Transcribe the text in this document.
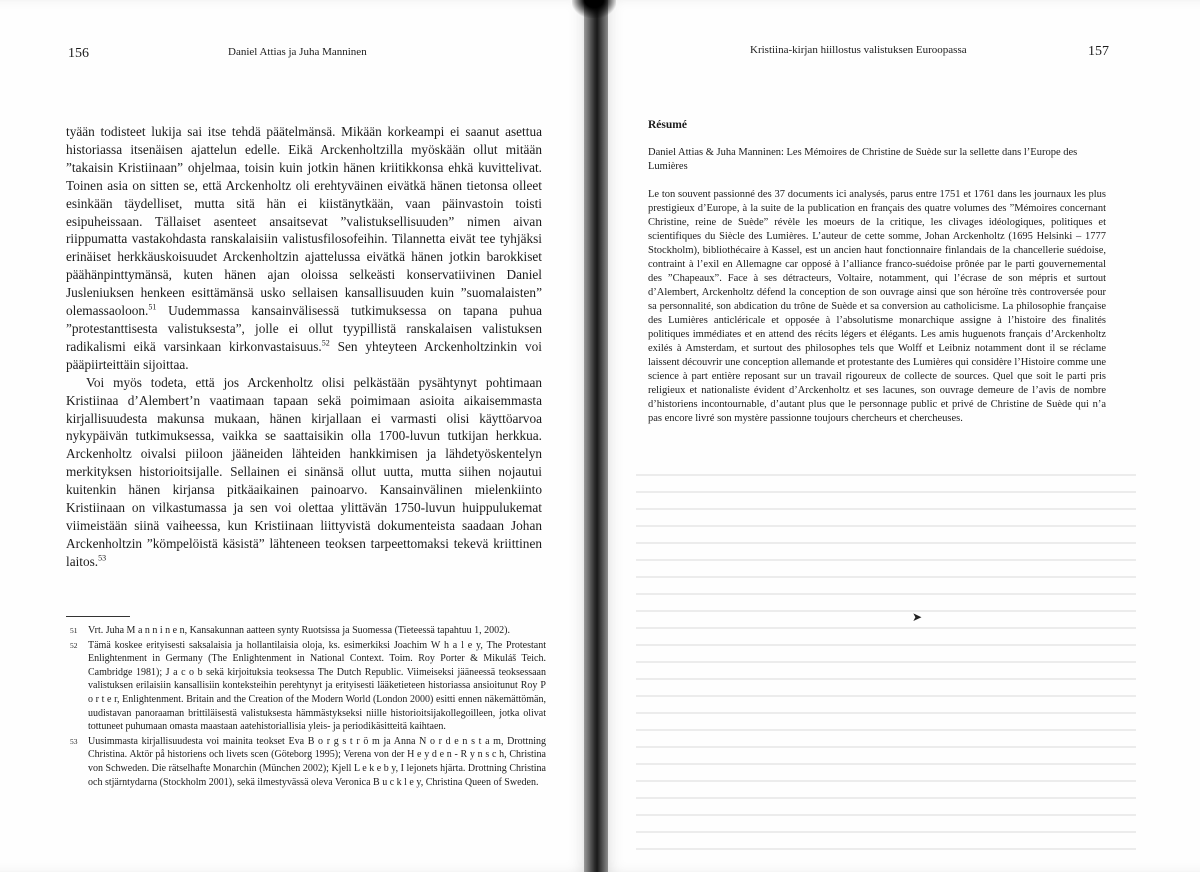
156	Daniel Attias ja Juha Manninen

tyään todisteet lukija sai itse tehdä päätelmänsä. Mikään korkeampi ei saanut asettua historiassa itsenäisen ajattelun edelle. Eikä Arckenholtzilla myöskään ollut mitään ”takaisin Kristiinaan” ohjelmaa, toisin kuin jotkin hänen kriitikkonsa ehkä kuvittelivat. Toinen asia on sitten se, että Arckenholtz oli erehtyväinen eivätkä hänen tietonsa olleet esinkään täydelliset, mutta sitä hän ei kiistänytkään, vaan päinvastoin toisti esipuheissaan. Tällaiset asenteet ansaitsevat ”valistuksellisuuden” nimen aivan riippumatta vastakohdasta ranskalaisiin valistusfilosofeihin. Tilannetta eivät tee tyhjäksi erinäiset herkkäuskoisuudet Arckenholtzin ajattelussa eivätkä hänen jotkin barokkiset päähänpinttymänsä, kuten hänen ajan oloissa selkeästi konservatiivinen Daniel Jusleniuksen henkeen esittämänsä usko sellaisen kansallisuuden kuin ”suomalaisten” olemassaoloon.$^{51}$ Uudemmassa kansainvälisessä tutkimuksessa on tapana puhua ”protestanttisesta valistuksesta”, jolle ei ollut tyypillistä ranskalaisen valistuksen radikalismi eikä varsinkaan kirkonvastaisuus.$^{52}$ Sen yhteyteen Arckenholtzinkin voi pääpiirteittäin sijoittaa.

Voi myös todeta, että jos Arckenholtz olisi pelkästään pysähtynyt pohtimaan Kristiinaa d’Alembert’n vaatimaan tapaan sekä poimimaan asioita aikaisemmasta kirjallisuudesta makunsa mukaan, hänen kirjallaan ei varmasti olisi käyttöarvoa nykypäivän tutkimuksessa, vaikka se saattaisikin olla 1700-luvun tutkijan herkkua. Arckenholtz oivalsi piiloon jääneiden lähteiden hankkimisen ja lähdetyöskentelyn merkityksen historioitsijalle. Sellainen ei sinänsä ollut uutta, mutta siihen nojautui kuitenkin hänen kirjansa pitkäaikainen painoarvo. Kansainvälinen mielenkiinto Kristiinaan on vilkastumassa ja sen voi olettaa ylittävän 1750-luvun huippulukemat viimeistään siinä vaiheessa, kun Kristiinaan liittyvistä dokumenteista saadaan Johan Arckenholtzin ”kömpelöistä käsistä” lähteneen teoksen tarpeettomaksi tekevä kriittinen laitos.$^{53}$

51 Vrt. Juha M a n n i n e n, Kansakunnan aatteen synty Ruotsissa ja Suomessa (Tieteessä tapahtuu 1, 2002).
52 Tämä koskee erityisesti saksalaisia ja hollantilaisia oloja, ks. esimerkiksi Joachim W h a l e y, The Protestant Enlightenment in Germany (The Enlightenment in National Context. Toim. Roy Porter & Mikuláš Teich. Cambridge 1981); J a c o b sekä kirjoituksia teoksessa The Dutch Republic. Viimeiseksi jääneessä teoksessaan valistuksen erilaisiin kansallisiin konteksteihin perehtynyt ja erityisesti lääketieteen historiassa ansioitunut Roy P o r t e r, Enlightenment. Britain and the Creation of the Modern World (London 2000) esitti ennen näkemättömän, uudistavan panoraaman brittiläisestä valistuksesta hämmästykseksi niille historioitsijakollegoilleen, jotka olivat tottuneet puhumaan omasta maastaan aatehistoriallisia yleis- ja periodikäsitteitä kaihtaen.
53 Uusimmasta kirjallisuudesta voi mainita teokset Eva B o r g s t r ö m ja Anna N o r d e n s t a m, Drottning Christina. Aktör på historiens och livets scen (Göteborg 1995); Verena von der H e y d e n - R y n s c h, Christina von Schweden. Die rätselhafte Monarchin (München 2002); Kjell L e k e b y, I lejonets hjärta. Drottning Christina och stjärntydarna (Stockholm 2001), sekä ilmestyvässä oleva Veronica B u c k l e y, Christina Queen of Sweden.
Kristiina-kirjan hiillostus valistuksen Euroopassa	157
Résumé
Daniel Attias & Juha Manninen: Les Mémoires de Christine de Suède sur la sellette dans l’Europe des Lumières
Le ton souvent passionné des 37 documents ici analysés, parus entre 1751 et 1761 dans les journaux les plus prestigieux d’Europe, à la suite de la publication en français des quatre volumes des ”Mémoires concernant Christine, reine de Suède” révèle les moeurs de la critique, les clivages idéologiques, politiques et scientifiques du Siècle des Lumières. L’auteur de cette somme, Johan Arckenholtz (1695 Helsinki – 1777 Stockholm), bibliothécaire à Kassel, est un ancien haut fonctionnaire finlandais de la chancellerie suédoise, contraint à l’exil en Allemagne car opposé à l’alliance franco-suédoise prônée par le parti gouvernemental des ”Chapeaux”. Face à ses détracteurs, Voltaire, notamment, qui l’écrase de son mépris et surtout d’Alembert, Arckenholtz défend la conception de son ouvrage ainsi que son héroïne très controversée pour sa personnalité, son abdication du trône de Suède et sa conversion au catholicisme. La philosophie française des Lumières anticléricale et opposée à l’absolutisme monarchique assigne à l’histoire des finalités politiques immédiates et en attend des récits légers et élégants. Les amis huguenots français d’Arckenholtz exilés à Amsterdam, et surtout des philosophes tels que Wolff et Leibniz notamment dont il se réclame laissent découvrir une conception allemande et protestante des Lumières qui considère l’Histoire comme une science à part entière reposant sur un travail rigoureux de collecte de sources. Quel que soit le parti pris religieux et nationaliste évident d’Arckenholtz et ses lacunes, son ouvrage demeure de l’avis de nombre d’historiens incontournable, d’autant plus que le personnage public et privé de Christine de Suède qui n’a pas encore livré son mystère passionne toujours chercheurs et chercheuses.
➤
